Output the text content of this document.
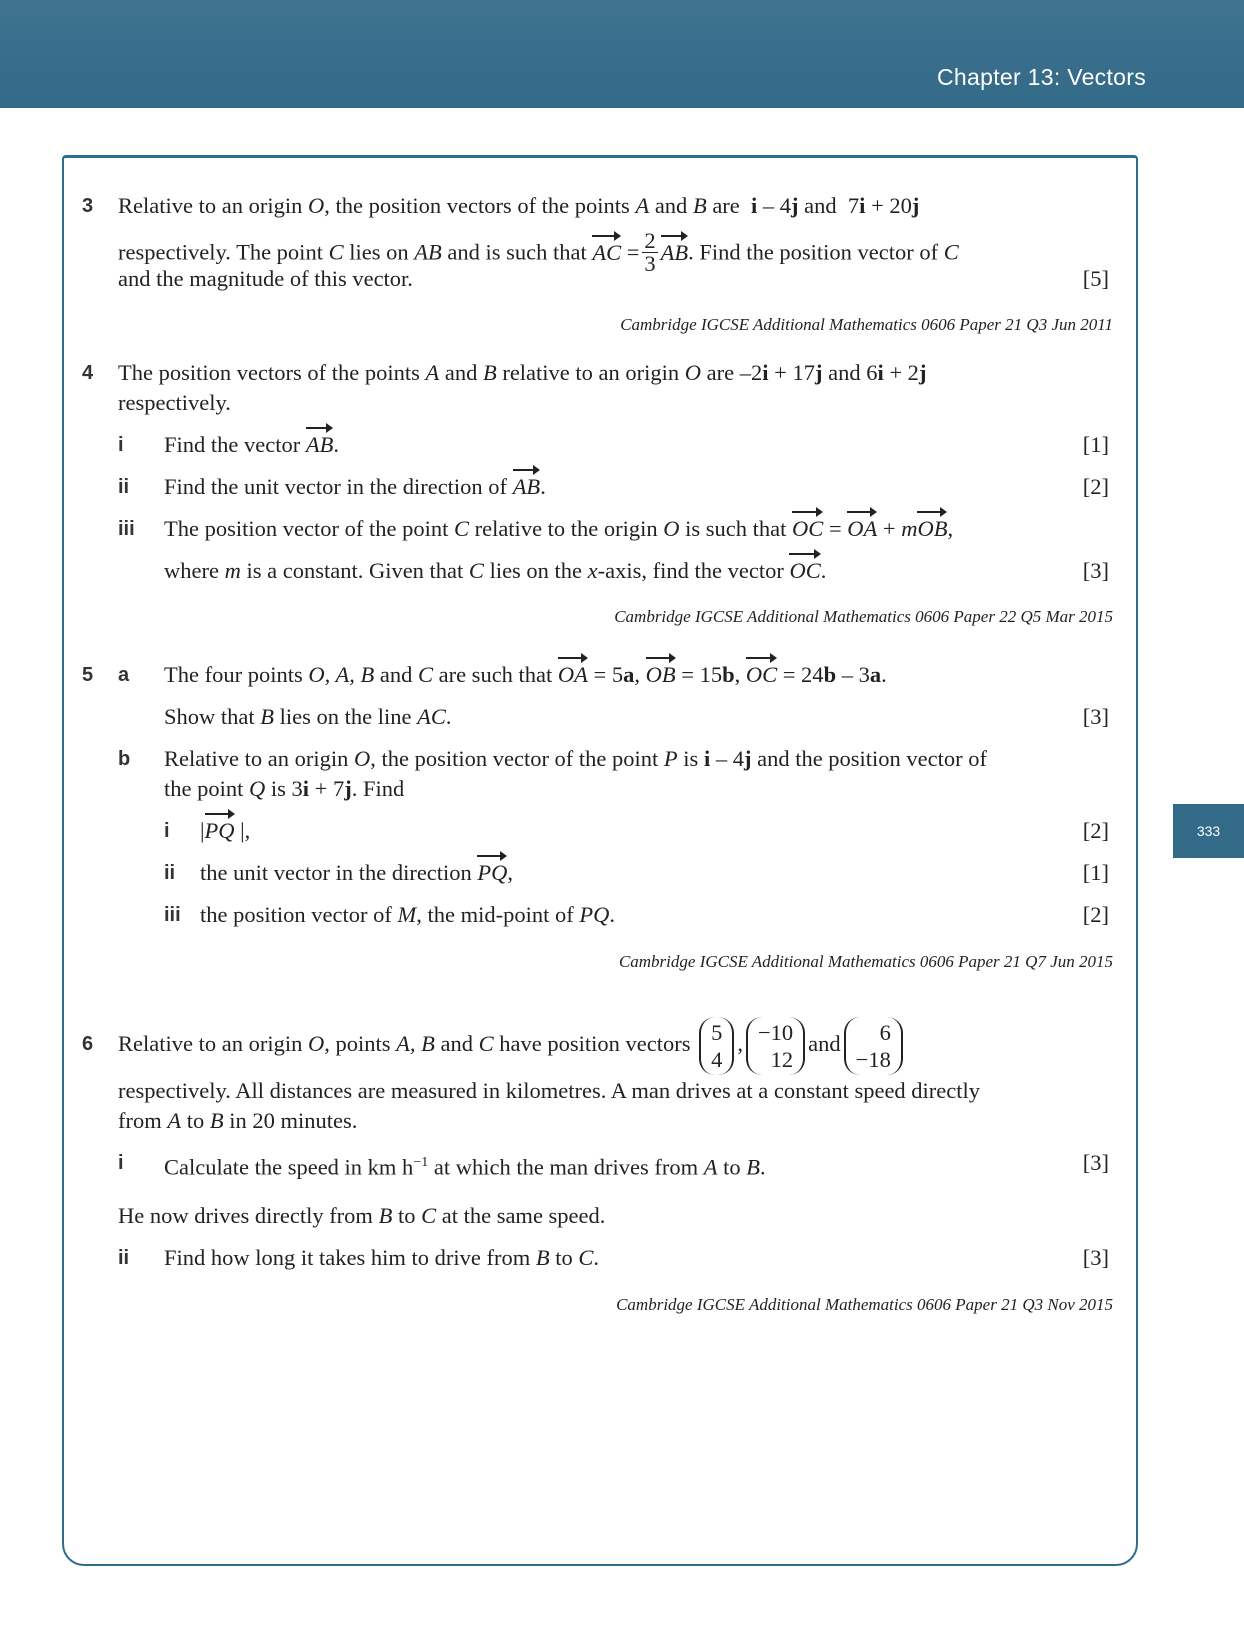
Chapter 13: Vectors
333
3 Relative to an origin O, the position vectors of the points A and B are i – 4j and 7i + 20j
respectively. The point C lies on AB and is such that AC = $\frac{2}{3}$ AB. Find the position vector of C
and the magnitude of this vector.	[5]
Cambridge IGCSE Additional Mathematics 0606 Paper 21 Q3 Jun 2011
4 The position vectors of the points A and B relative to an origin O are –2i + 17j and 6i + 2j
respectively.
i Find the vector AB.	[1]
ii Find the unit vector in the direction of AB.	[2]
iii The position vector of the point C relative to the origin O is such that OC = OA + mOB,
where m is a constant. Given that C lies on the x-axis, find the vector OC.	[3]
Cambridge IGCSE Additional Mathematics 0606 Paper 22 Q5 Mar 2015
5 a The four points O, A, B and C are such that OA = 5a, OB = 15b, OC = 24b – 3a.
Show that B lies on the line AC.	[3]
b Relative to an origin O, the position vector of the point P is i – 4j and the position vector of
the point Q is 3i + 7j. Find
i |PQ |,	[2]
ii the unit vector in the direction PQ,	[1]
iii the position vector of M, the mid-point of PQ.	[2]
Cambridge IGCSE Additional Mathematics 0606 Paper 21 Q7 Jun 2015
6 Relative to an origin O, points A, B and C have position vectors 5
4
, −10
12
and 6
−18
respectively. All distances are measured in kilometres. A man drives at a constant speed directly
from A to B in 20 minutes.
i Calculate the speed in km $h^{-1}$ at which the man drives from A to B.	[3]
He now drives directly from B to C at the same speed.
ii Find how long it takes him to drive from B to C.	[3]
Cambridge IGCSE Additional Mathematics 0606 Paper 21 Q3 Nov 2015
